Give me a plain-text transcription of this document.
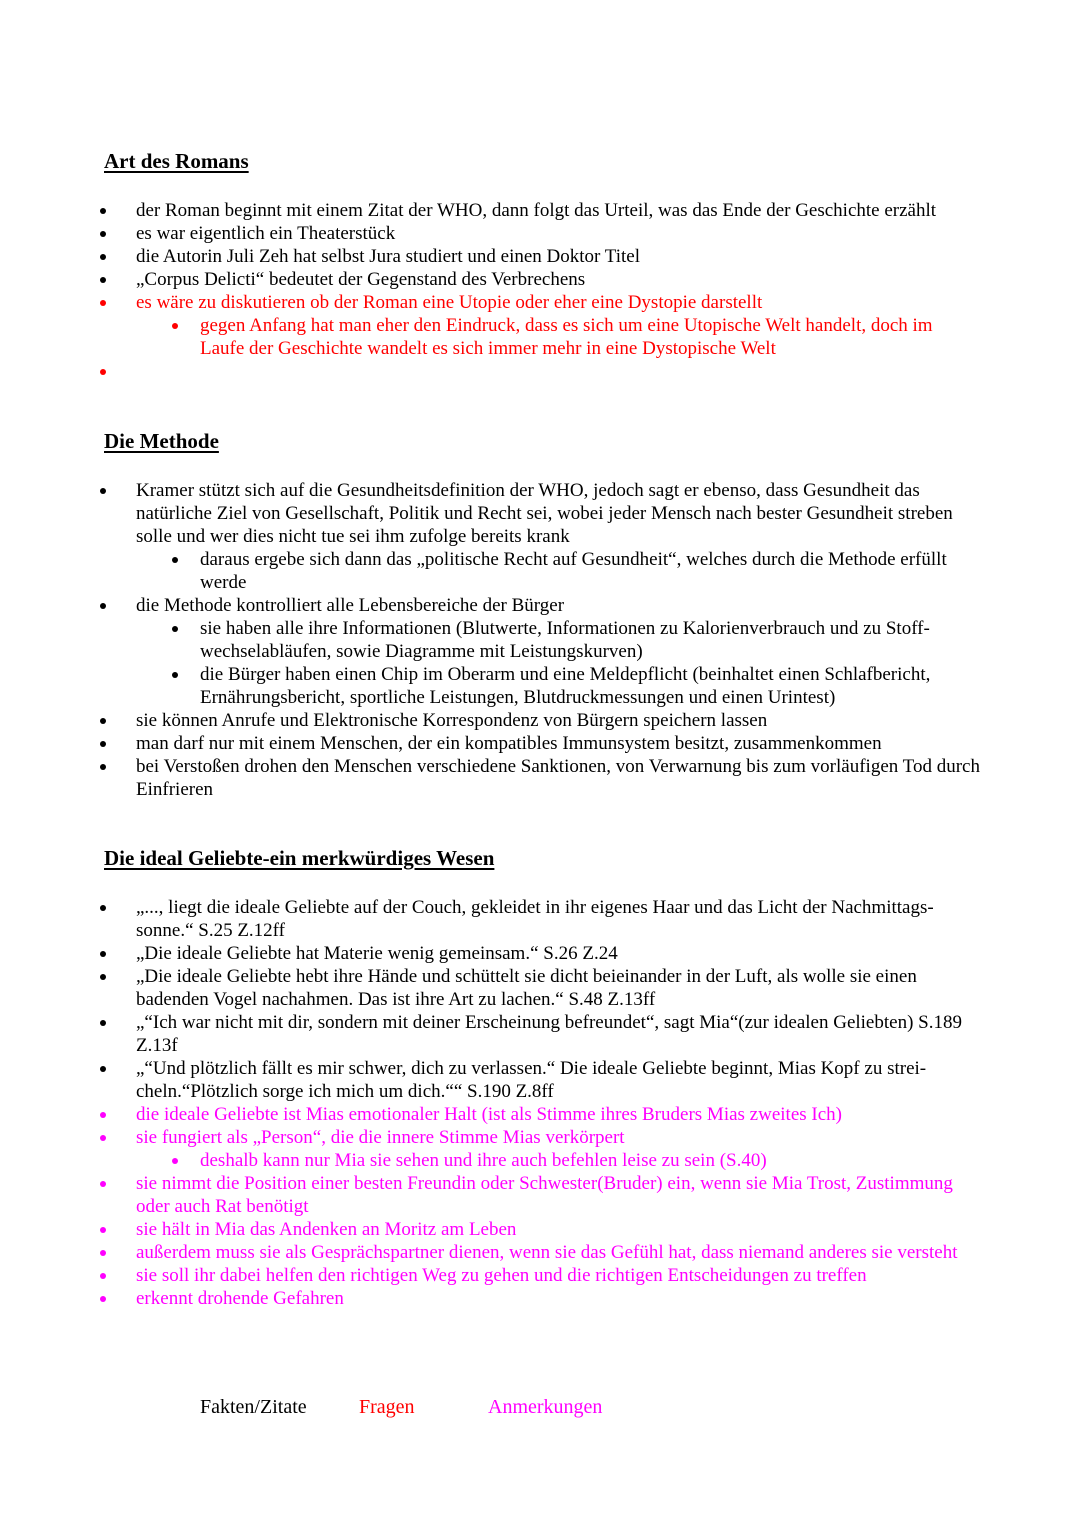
Art des Romans
der Roman beginnt mit einem Zitat der WHO, dann folgt das Urteil, was das Ende der Geschichte erzählt
es war eigentlich ein Theaterstück
die Autorin Juli Zeh hat selbst Jura studiert und einen Doktor Titel
„Corpus Delicti“ bedeutet der Gegenstand des Verbrechens
es wäre zu diskutieren ob der Roman eine Utopie oder eher eine Dystopie darstellt
gegen Anfang hat man eher den Eindruck, dass es sich um eine Utopische Welt handelt, doch im Laufe der Geschichte wandelt es sich immer mehr in eine Dystopische Welt
Die Methode
Kramer stützt sich auf die Gesundheitsdefinition der WHO, jedoch sagt er ebenso, dass Gesundheit das natürliche Ziel von Gesellschaft, Politik und Recht sei, wobei jeder Mensch nach bester Gesundheit streben solle und wer dies nicht tue sei ihm zufolge bereits krank
daraus ergebe sich dann das „politische Recht auf Gesundheit“, welches durch die Methode erfüllt werde
die Methode kontrolliert alle Lebensbereiche der Bürger
sie haben alle ihre Informationen (Blutwerte, Informationen zu Kalorienverbrauch und zu Stoffwechselabläufen, sowie Diagramme mit Leistungskurven)
die Bürger haben einen Chip im Oberarm und eine Meldepflicht (beinhaltet einen Schlafbericht, Ernährungsbericht, sportliche Leistungen, Blutdruckmessungen und einen Urintest)
sie können Anrufe und Elektronische Korrespondenz von Bürgern speichern lassen
man darf nur mit einem Menschen, der ein kompatibles Immunsystem besitzt, zusammenkommen
bei Verstoßen drohen den Menschen verschiedene Sanktionen, von Verwarnung bis zum vorläufigen Tod durch Einfrieren
Die ideal Geliebte-ein merkwürdiges Wesen
„..., liegt die ideale Geliebte auf der Couch, gekleidet in ihr eigenes Haar und das Licht der Nachmittagssonne.“ S.25 Z.12ff
„Die ideale Geliebte hat Materie wenig gemeinsam.“ S.26 Z.24
„Die ideale Geliebte hebt ihre Hände und schüttelt sie dicht beieinander in der Luft, als wolle sie einen badenden Vogel nachahmen. Das ist ihre Art zu lachen.“ S.48 Z.13ff
„“Ich war nicht mit dir, sondern mit deiner Erscheinung befreundet“, sagt Mia“(zur idealen Geliebten) S.189 Z.13f
„“Und plötzlich fällt es mir schwer, dich zu verlassen.“ Die ideale Geliebte beginnt, Mias Kopf zu streicheln.“Plötzlich sorge ich mich um dich.““ S.190 Z.8ff
die ideale Geliebte ist Mias emotionaler Halt (ist als Stimme ihres Bruders Mias zweites Ich)
sie fungiert als „Person“, die die innere Stimme Mias verkörpert
deshalb kann nur Mia sie sehen und ihre auch befehlen leise zu sein (S.40)
sie nimmt die Position einer besten Freundin oder Schwester(Bruder) ein, wenn sie Mia Trost, Zustimmung oder auch Rat benötigt
sie hält in Mia das Andenken an Moritz am Leben
außerdem muss sie als Gesprächspartner dienen, wenn sie das Gefühl hat, dass niemand anderes sie versteht
sie soll ihr dabei helfen den richtigen Weg zu gehen und die richtigen Entscheidungen zu treffen
erkennt drohende Gefahren
Fakten/Zitate	Fragen	Anmerkungen
